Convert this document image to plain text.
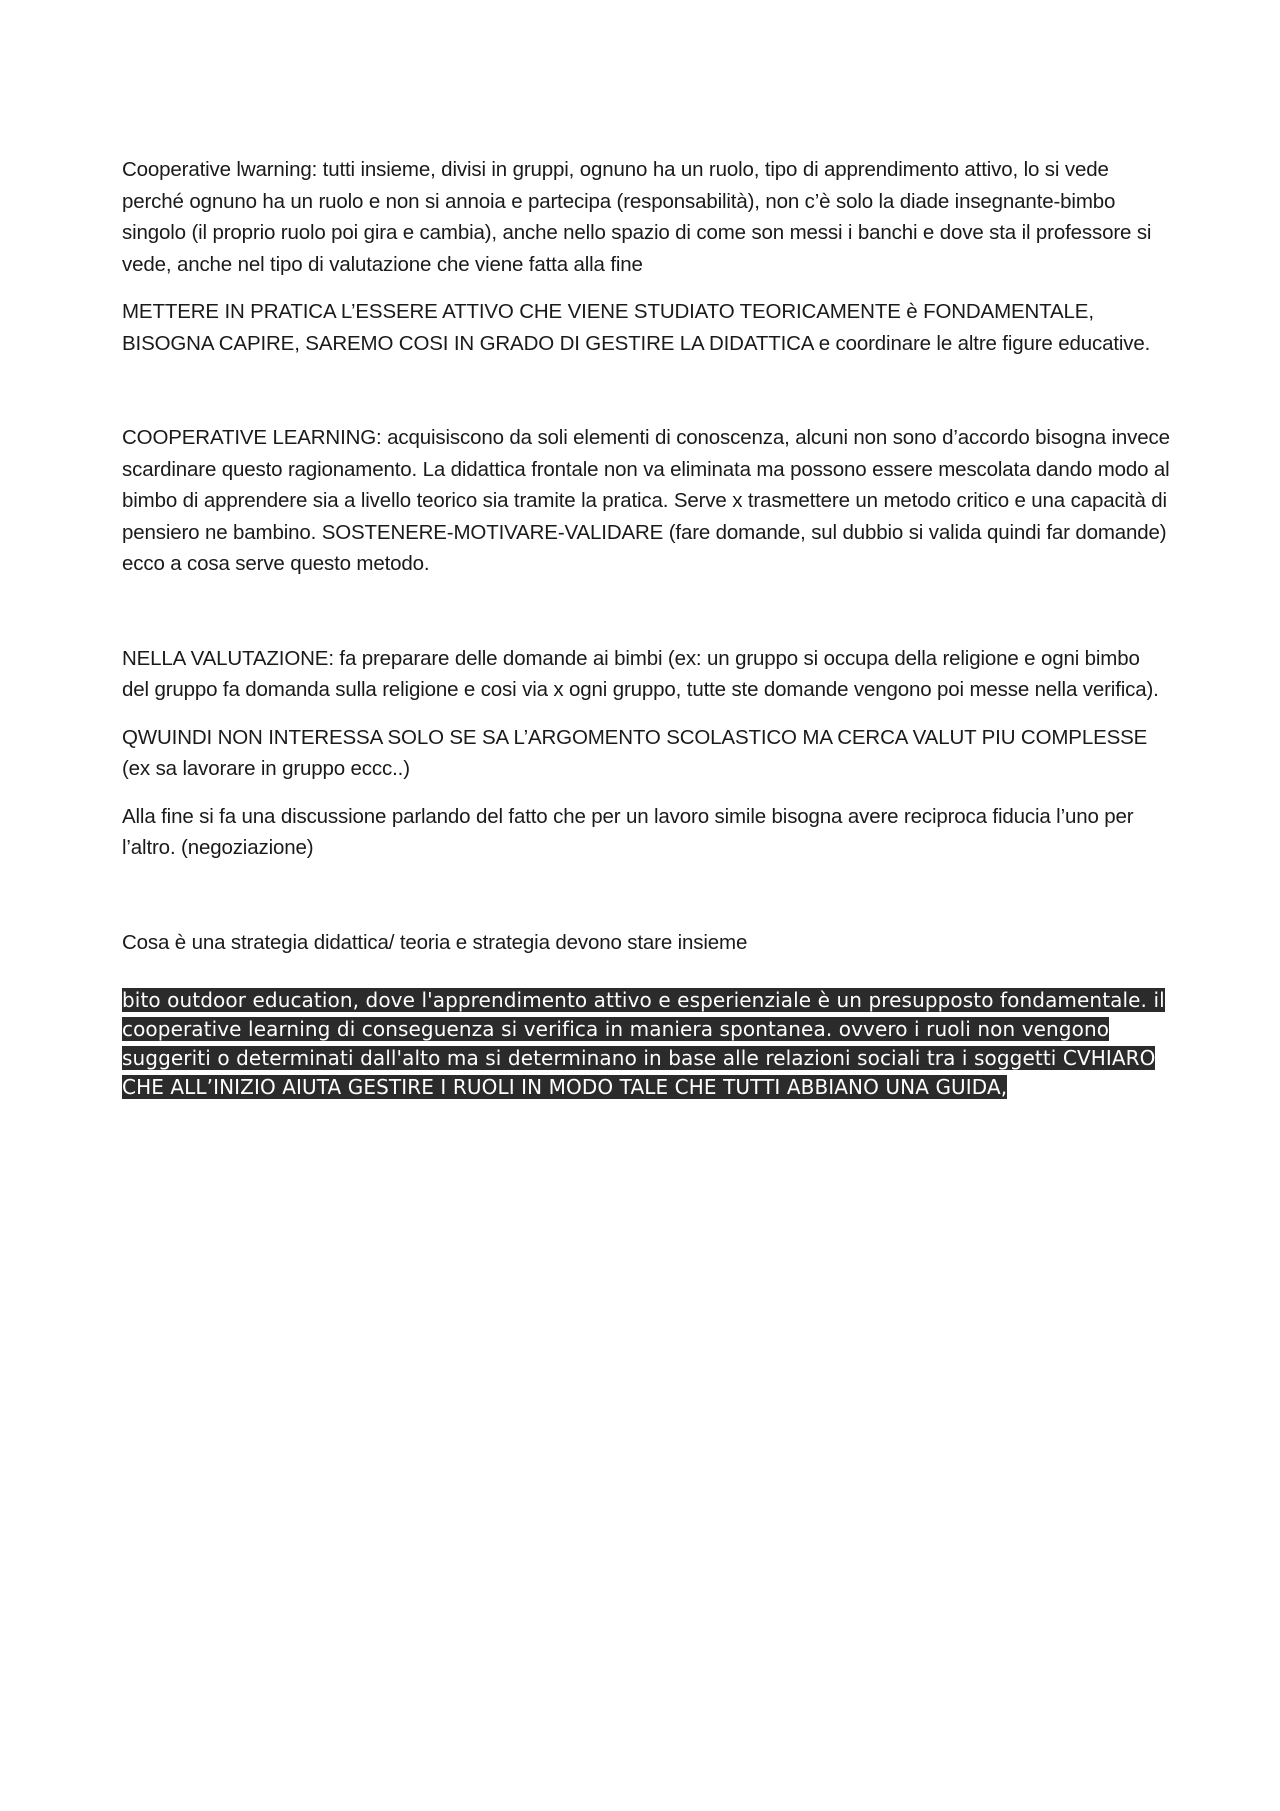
Cooperative lwarning: tutti insieme, divisi in gruppi, ognuno ha un ruolo, tipo di apprendimento attivo, lo si vede perché ognuno ha un ruolo e non si annoia e partecipa (responsabilità), non c’è solo la diade insegnante-bimbo singolo (il proprio ruolo poi gira e cambia), anche nello spazio di come son messi i banchi e dove sta il professore si vede, anche nel tipo di valutazione che viene fatta alla fine

METTERE IN PRATICA L’ESSERE ATTIVO CHE VIENE STUDIATO TEORICAMENTE è FONDAMENTALE, BISOGNA CAPIRE, SAREMO COSI IN GRADO DI GESTIRE LA DIDATTICA e coordinare le altre figure educative.

COOPERATIVE LEARNING: acquisiscono da soli elementi di conoscenza, alcuni non sono d’accordo bisogna invece scardinare questo ragionamento. La didattica frontale non va eliminata ma possono essere mescolata dando modo al bimbo di apprendere sia a livello teorico sia tramite la pratica. Serve x trasmettere un metodo critico e una capacità di pensiero ne bambino. SOSTENERE-MOTIVARE-VALIDARE (fare domande, sul dubbio si valida quindi far domande) ecco a cosa serve questo metodo.

NELLA VALUTAZIONE: fa preparare delle domande ai bimbi (ex: un gruppo si occupa della religione e ogni bimbo del gruppo fa domanda sulla religione e cosi via x ogni gruppo, tutte ste domande vengono poi messe nella verifica).

QWUINDI NON INTERESSA SOLO SE SA L’ARGOMENTO SCOLASTICO MA CERCA VALUT PIU COMPLESSE (ex sa lavorare in gruppo eccc..)

Alla fine si fa una discussione parlando del fatto che per un lavoro simile bisogna avere reciproca fiducia l’uno per l’altro. (negoziazione)

Cosa è una strategia didattica/ teoria e strategia devono stare insieme

bito outdoor education, dove l'apprendimento attivo e esperienziale è un presupposto fondamentale. il cooperative learning di conseguenza si verifica in maniera spontanea. ovvero i ruoli non vengono suggeriti o determinati dall'alto ma si determinano in base alle relazioni sociali tra i soggetti CVHIARO CHE ALL’INIZIO AIUTA GESTIRE I RUOLI IN MODO TALE CHE TUTTI ABBIANO UNA GUIDA,
